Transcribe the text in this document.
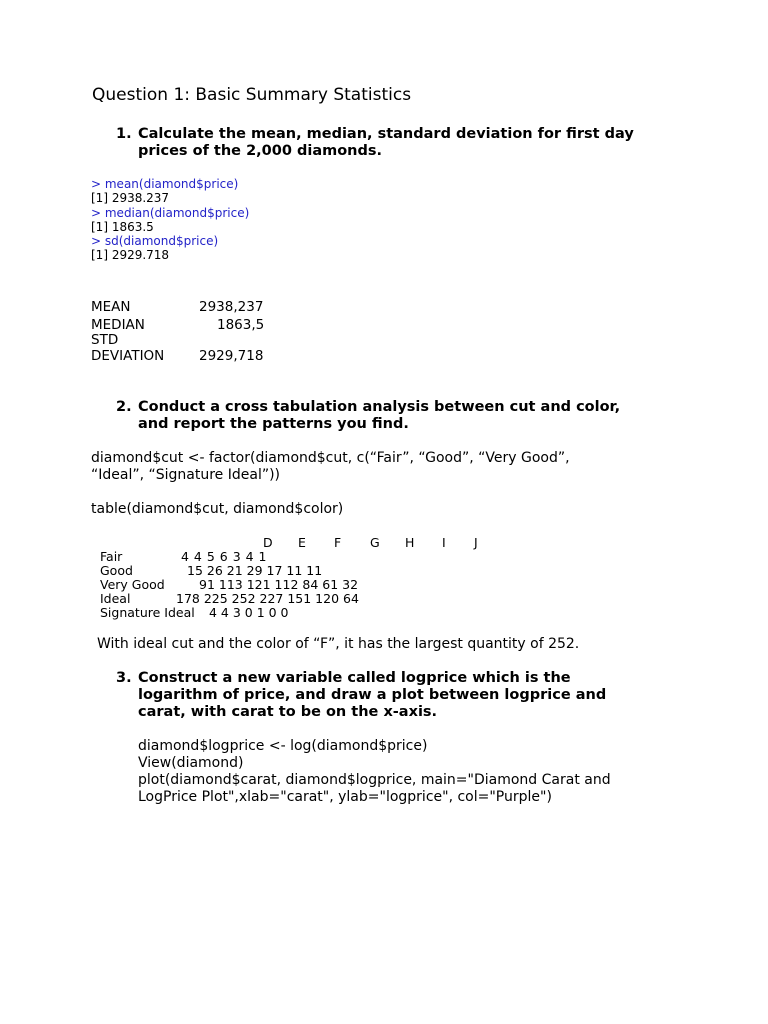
Question 1: Basic Summary Statistics
1. Calculate the mean, median, standard deviation for first day
prices of the 2,000 diamonds.
> mean(diamond$price)
[1] 2938.237
> median(diamond$price)
[1] 1863.5
> sd(diamond$price)
[1] 2929.718
MEAN	2938,237
MEDIAN	1863,5
STD
DEVIATION	2929,718
2. Conduct a cross tabulation analysis between cut and color,
and report the patterns you find.
diamond$cut <- factor(diamond$cut, c(“Fair”, “Good”, “Very Good”,
“Ideal”, “Signature Ideal”))
table(diamond$cut, diamond$color)
D E F G H I J
Fair	4 4 5 6 3 4 1
Good	15 26 21 29 17 11 11
Very Good	91 113 121 112 84 61 32
Ideal	178 225 252 227 151 120 64
Signature Ideal 4 4 3 0 1 0 0
With ideal cut and the color of “F”, it has the largest quantity of 252.
3. Construct a new variable called logprice which is the
logarithm of price, and draw a plot between logprice and
carat, with carat to be on the x-axis.
diamond$logprice <- log(diamond$price)
View(diamond)
plot(diamond$carat, diamond$logprice, main="Diamond Carat and
LogPrice Plot",xlab="carat", ylab="logprice", col="Purple")
